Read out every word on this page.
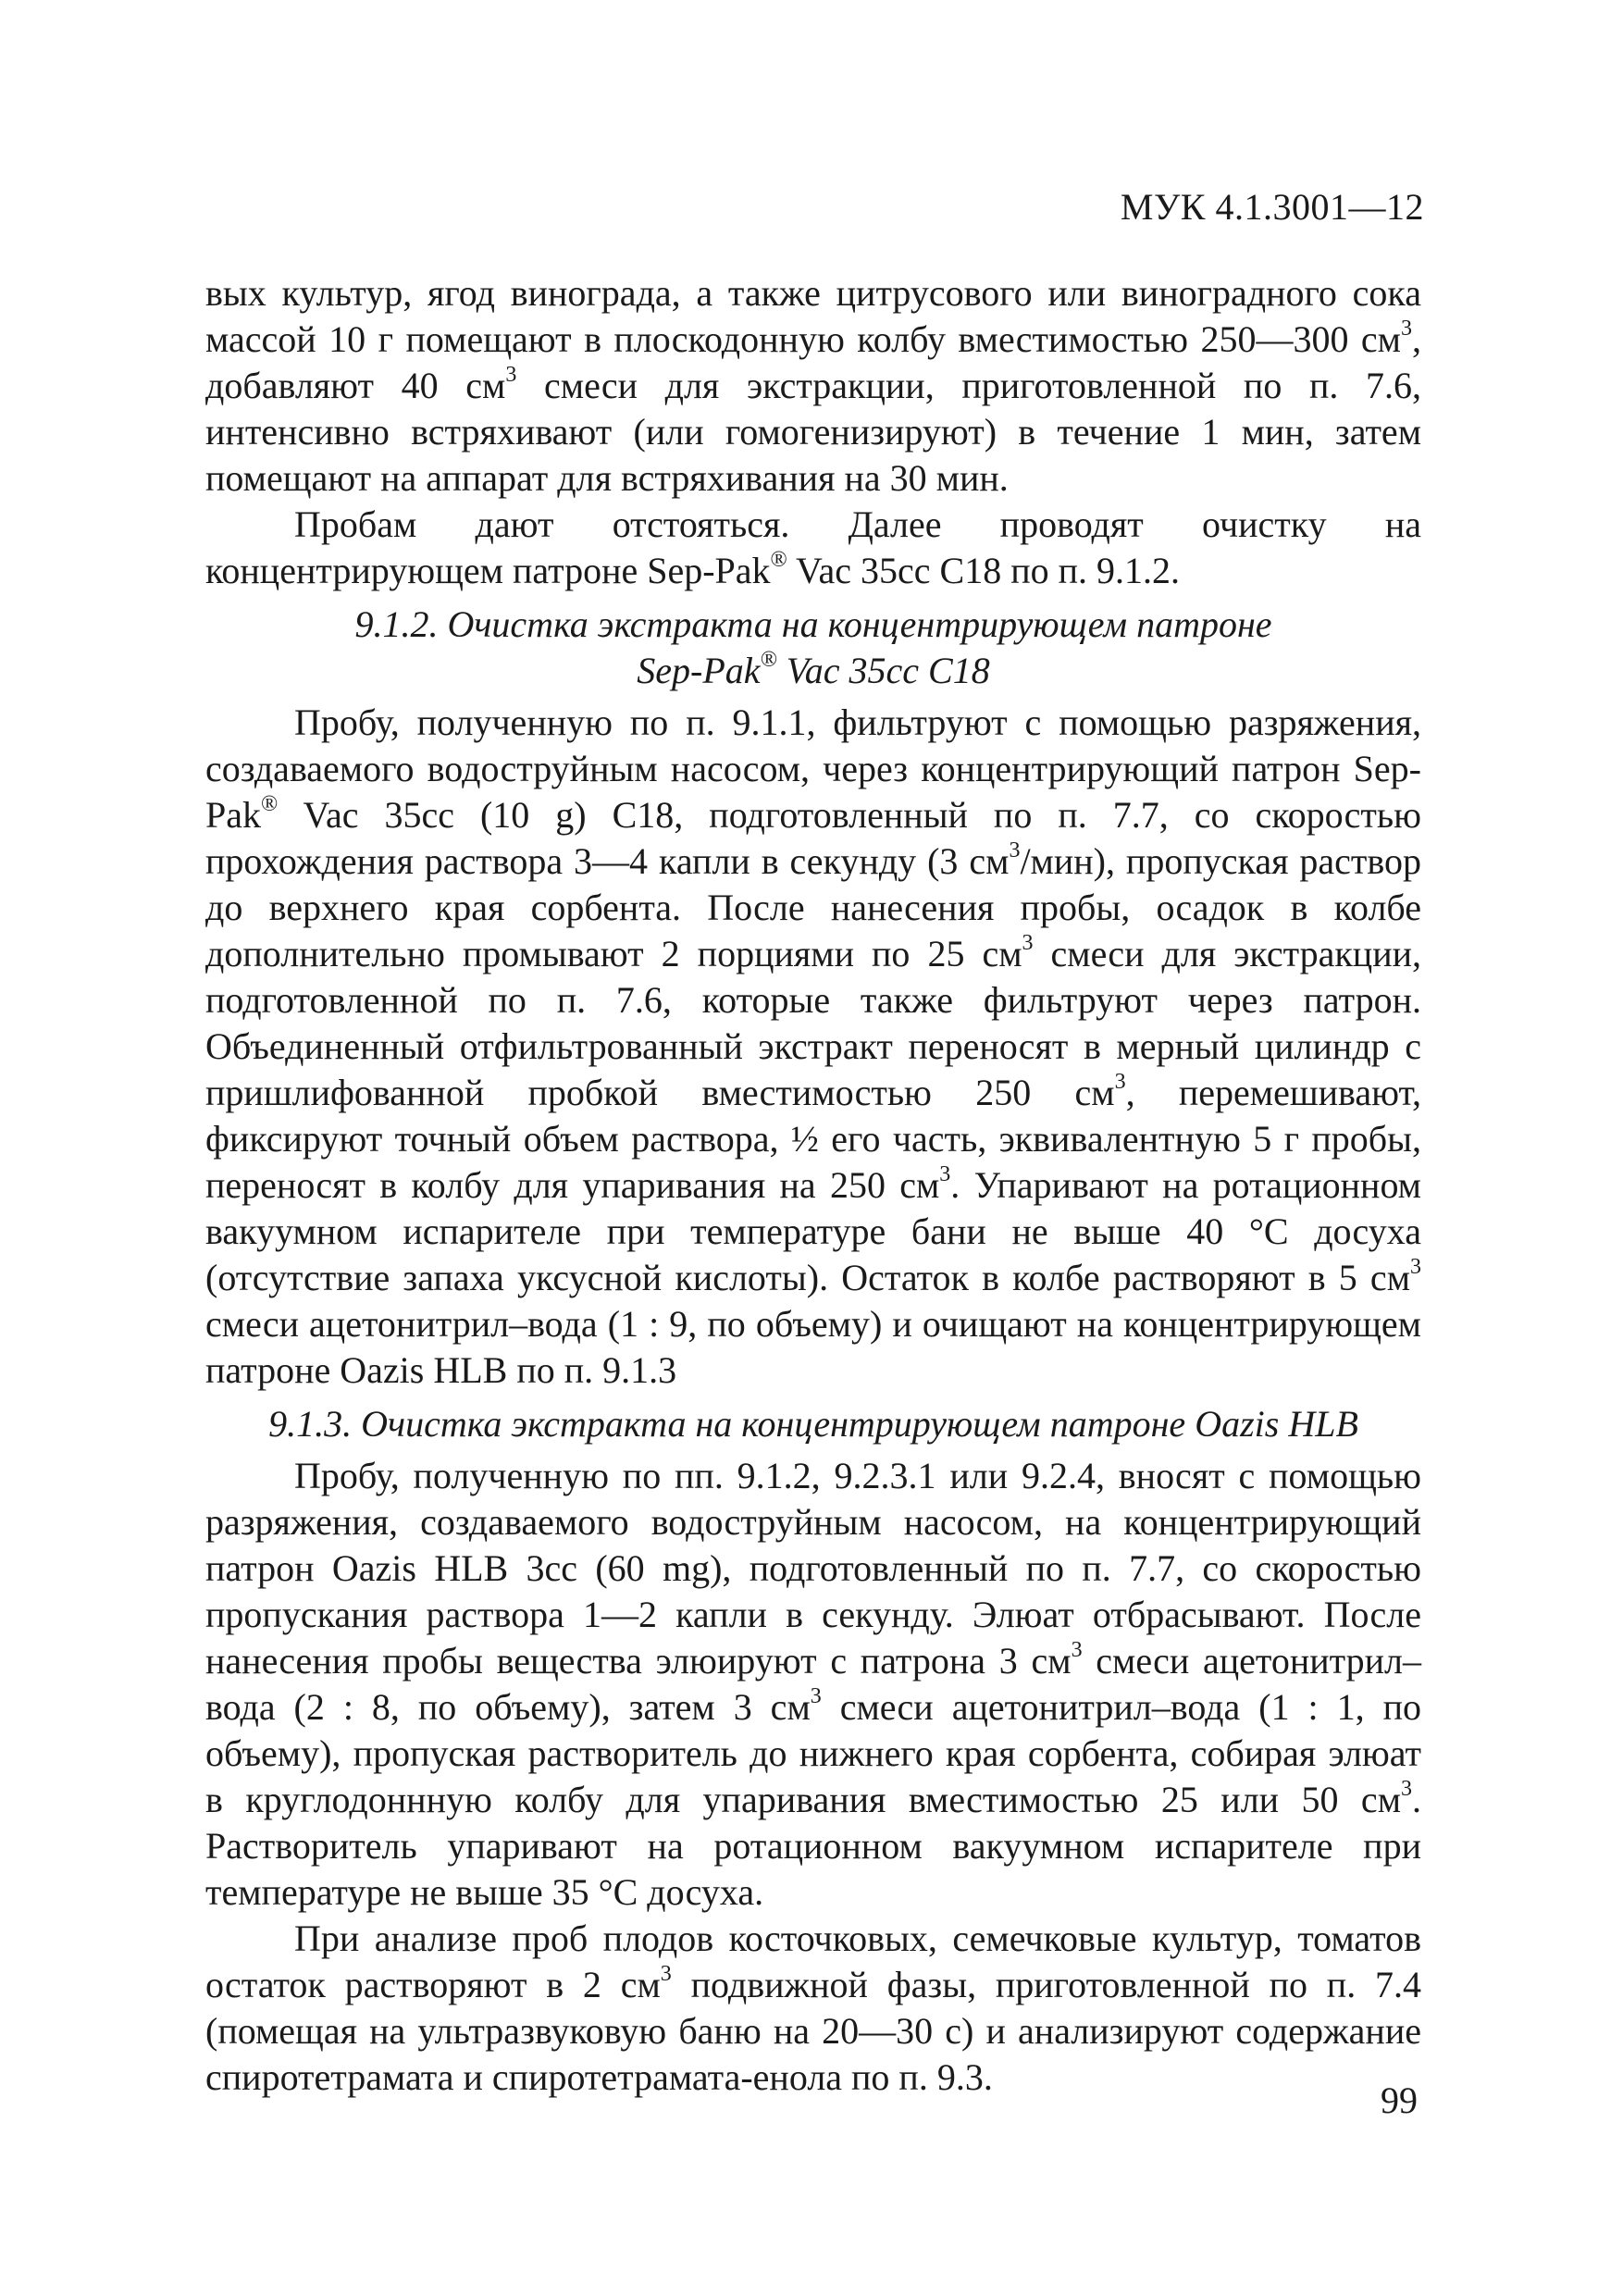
МУК 4.1.3001—12

вых культур, ягод винограда, а также цитрусового или виноградного сока массой 10 г помещают в плоскодонную колбу вместимостью 250—300 $см^3$, добавляют 40 $см^3$ смеси для экстракции, приготовленной по п. 7.6, интенсивно встряхивают (или гомогенизируют) в течение 1 мин, затем помещают на аппарат для встряхивания на 30 мин.

Пробам дают отстояться. Далее проводят очистку на концентрирующем патроне Sep-Pak® Vac 35cc C18 по п. 9.1.2.

9.1.2. Очистка экстракта на концентрирующем патроне
Sep-Pak® Vac 35cc C18

Пробу, полученную по п. 9.1.1, фильтруют с помощью разряжения, создаваемого водоструйным насосом, через концентрирующий патрон Sep-Pak® Vac 35cc (10 g) C18, подготовленный по п. 7.7, со скоростью прохождения раствора 3—4 капли в секунду (3 $см^3/мин$), пропуская раствор до верхнего края сорбента. После нанесения пробы, осадок в колбе дополнительно промывают 2 порциями по 25 $см^3$ смеси для экстракции, подготовленной по п. 7.6, которые также фильтруют через патрон. Объединенный отфильтрованный экстракт переносят в мерный цилиндр с пришлифованной пробкой вместимостью 250 $см^3$, перемешивают, фиксируют точный объем раствора, ½ его часть, эквивалентную 5 г пробы, переносят в колбу для упаривания на 250 $см^3$. Упаривают на ротационном вакуумном испарителе при температуре бани не выше 40 °С досуха (отсутствие запаха уксусной кислоты). Остаток в колбе растворяют в 5 $см^3$ смеси ацетонитрил–вода (1 : 9, по объему) и очищают на концентрирующем патроне Oazis HLB по п. 9.1.3

9.1.3. Очистка экстракта на концентрирующем патроне Oazis HLB

Пробу, полученную по пп. 9.1.2, 9.2.3.1 или 9.2.4, вносят с помощью разряжения, создаваемого водоструйным насосом, на концентрирующий патрон Oazis HLB 3cc (60 mg), подготовленный по п. 7.7, со скоростью пропускания раствора 1—2 капли в секунду. Элюат отбрасывают. После нанесения пробы вещества элюируют с патрона 3 $см^3$ смеси ацетонитрил–вода (2 : 8, по объему), затем 3 $см^3$ смеси ацетонитрил–вода (1 : 1, по объему), пропуская растворитель до нижнего края сорбента, собирая элюат в круглодоннную колбу для упаривания вместимостью 25 или 50 $см^3$. Растворитель упаривают на ротационном вакуумном испарителе при температуре не выше 35 °С досуха.

При анализе проб плодов косточковых, семечковые культур, томатов остаток растворяют в 2 $см^3$ подвижной фазы, приготовленной по п. 7.4 (помещая на ультразвуковую баню на 20—30 с) и анализируют содержание спиротетрамата и спиротетрамата-енола по п. 9.3.

99
